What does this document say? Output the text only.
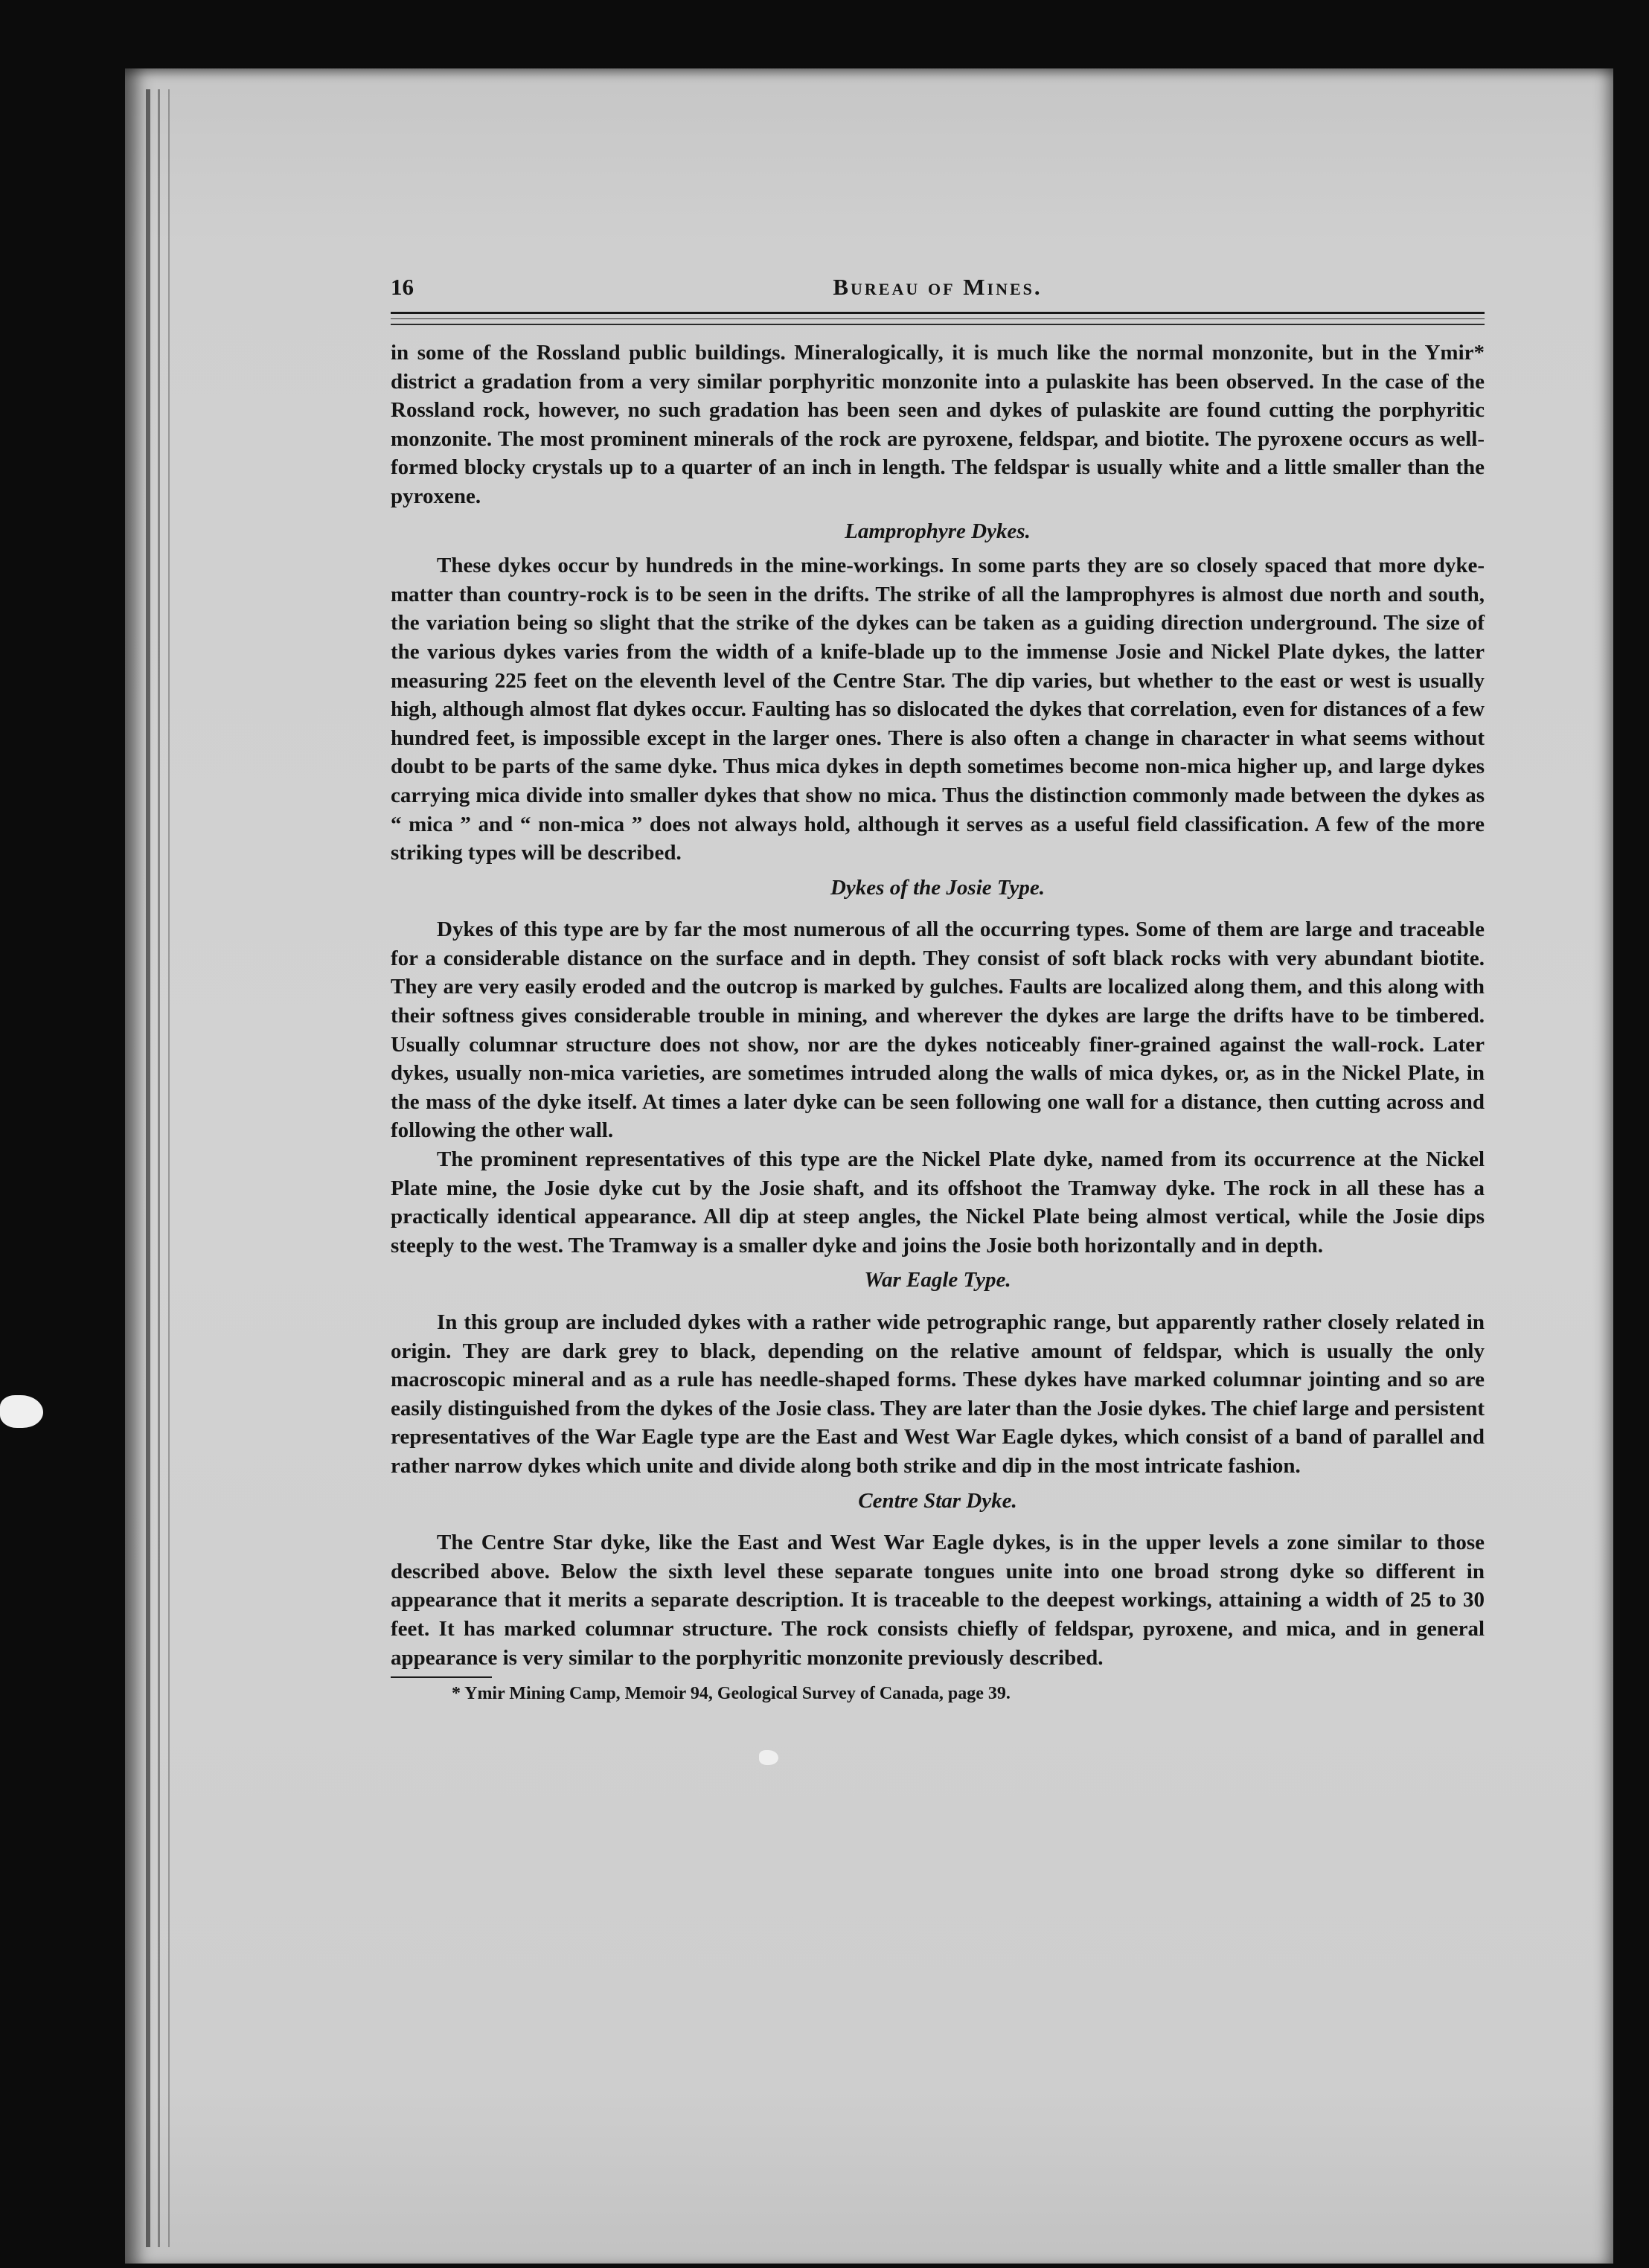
16	Bureau of Mines.

in some of the Rossland public buildings. Mineralogically, it is much like the normal monzonite, but in the Ymir* district a gradation from a very similar porphyritic monzonite into a pulaskite has been observed. In the case of the Rossland rock, however, no such gradation has been seen and dykes of pulaskite are found cutting the porphyritic monzonite. The most prominent minerals of the rock are pyroxene, feldspar, and biotite. The pyroxene occurs as well-formed blocky crystals up to a quarter of an inch in length. The feldspar is usually white and a little smaller than the pyroxene.

Lamprophyre Dykes.

These dykes occur by hundreds in the mine-workings. In some parts they are so closely spaced that more dyke-matter than country-rock is to be seen in the drifts. The strike of all the lamprophyres is almost due north and south, the variation being so slight that the strike of the dykes can be taken as a guiding direction underground. The size of the various dykes varies from the width of a knife-blade up to the immense Josie and Nickel Plate dykes, the latter measuring 225 feet on the eleventh level of the Centre Star. The dip varies, but whether to the east or west is usually high, although almost flat dykes occur. Faulting has so dislocated the dykes that correlation, even for distances of a few hundred feet, is impossible except in the larger ones. There is also often a change in character in what seems without doubt to be parts of the same dyke. Thus mica dykes in depth sometimes become non-mica higher up, and large dykes carrying mica divide into smaller dykes that show no mica. Thus the distinction commonly made between the dykes as “ mica ” and “ non-mica ” does not always hold, although it serves as a useful field classification. A few of the more striking types will be described.

Dykes of the Josie Type.

Dykes of this type are by far the most numerous of all the occurring types. Some of them are large and traceable for a considerable distance on the surface and in depth. They consist of soft black rocks with very abundant biotite. They are very easily eroded and the outcrop is marked by gulches. Faults are localized along them, and this along with their softness gives considerable trouble in mining, and wherever the dykes are large the drifts have to be timbered. Usually columnar structure does not show, nor are the dykes noticeably finer-grained against the wall-rock. Later dykes, usually non-mica varieties, are sometimes intruded along the walls of mica dykes, or, as in the Nickel Plate, in the mass of the dyke itself. At times a later dyke can be seen following one wall for a distance, then cutting across and following the other wall.

The prominent representatives of this type are the Nickel Plate dyke, named from its occurrence at the Nickel Plate mine, the Josie dyke cut by the Josie shaft, and its offshoot the Tramway dyke. The rock in all these has a practically identical appearance. All dip at steep angles, the Nickel Plate being almost vertical, while the Josie dips steeply to the west. The Tramway is a smaller dyke and joins the Josie both horizontally and in depth.

War Eagle Type.

In this group are included dykes with a rather wide petrographic range, but apparently rather closely related in origin. They are dark grey to black, depending on the relative amount of feldspar, which is usually the only macroscopic mineral and as a rule has needle-shaped forms. These dykes have marked columnar jointing and so are easily distinguished from the dykes of the Josie class. They are later than the Josie dykes. The chief large and persistent representatives of the War Eagle type are the East and West War Eagle dykes, which consist of a band of parallel and rather narrow dykes which unite and divide along both strike and dip in the most intricate fashion.

Centre Star Dyke.

The Centre Star dyke, like the East and West War Eagle dykes, is in the upper levels a zone similar to those described above. Below the sixth level these separate tongues unite into one broad strong dyke so different in appearance that it merits a separate description. It is traceable to the deepest workings, attaining a width of 25 to 30 feet. It has marked columnar structure. The rock consists chiefly of feldspar, pyroxene, and mica, and in general appearance is very similar to the porphyritic monzonite previously described.

* Ymir Mining Camp, Memoir 94, Geological Survey of Canada, page 39.
